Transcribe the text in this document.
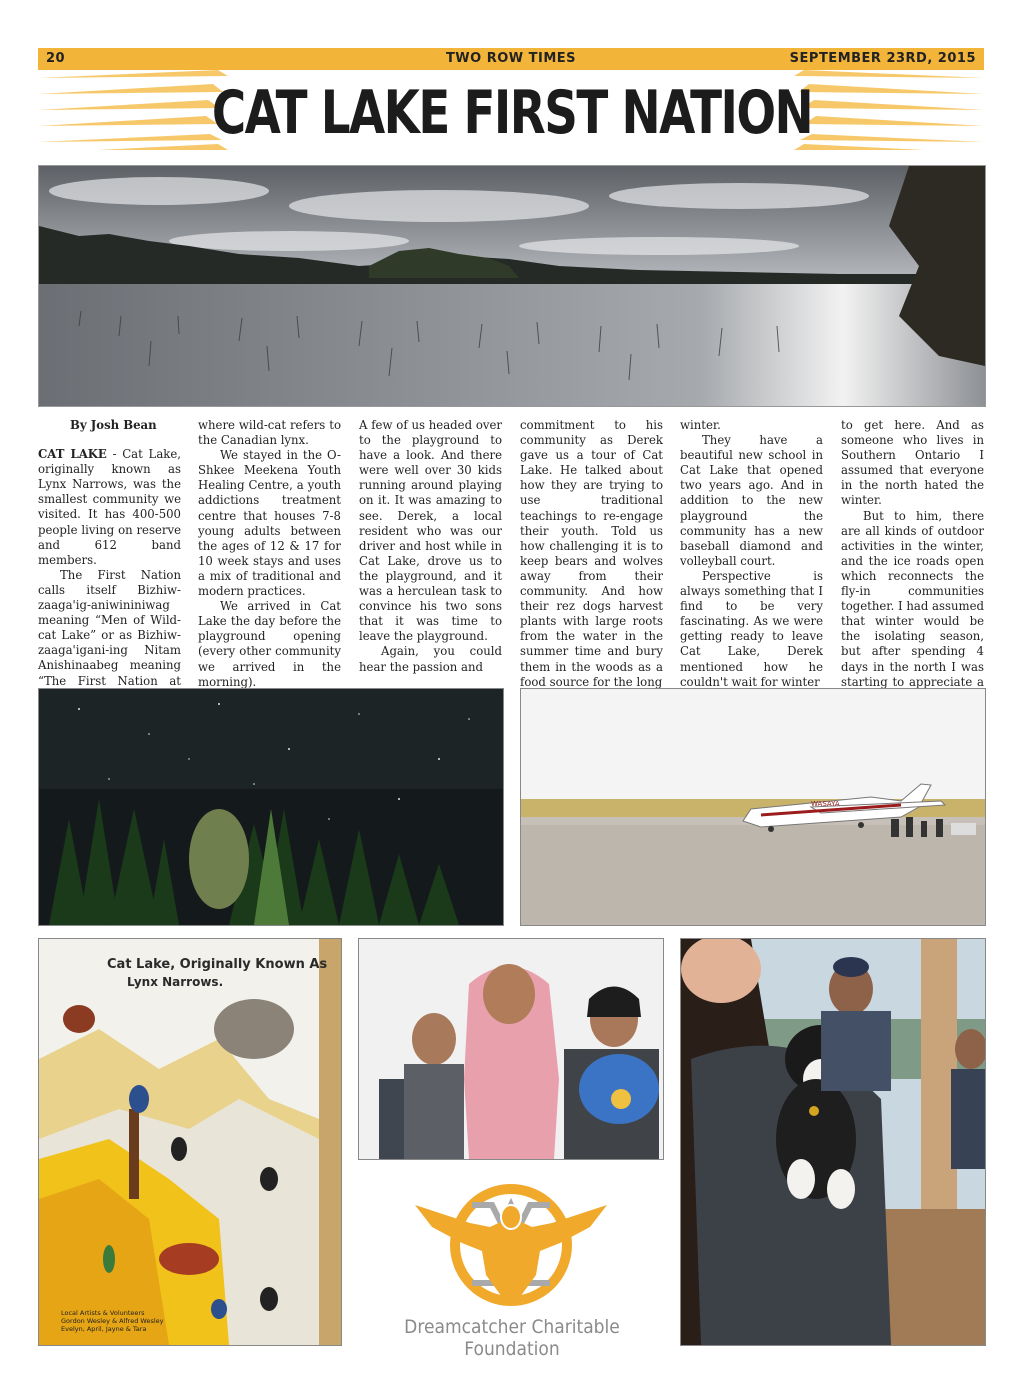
20	TWO ROW TIMES	SEPTEMBER 23RD, 2015
CAT LAKE FIRST NATION

By Josh Bean

CAT LAKE - Cat Lake, originally known as Lynx Narrows, was the smallest community we visited. It has 400-500 people living on reserve and 612 band members.

The First Nation calls itself Bizhiw-zaaga'ig-aniwininiwag meaning “Men of Wild-cat Lake” or as Bizhiw-zaaga'igani-ing Nitam Anishinaabeg meaning “The First Nation at

where wild-cat refers to the Canadian lynx.

We stayed in the O-Shkee Meekena Youth Healing Centre, a youth addictions treatment centre that houses 7-8 young adults between the ages of 12 & 17 for 10 week stays and uses a mix of traditional and modern practices.

We arrived in Cat Lake the day before the playground opening (every other community we arrived in the morning).

A few of us headed over to the playground to have a look. And there were well over 30 kids running around playing on it. It was amazing to see. Derek, a local resident who was our driver and host while in Cat Lake, drove us to the playground, and it was a herculean task to convince his two sons that it was time to leave the playground.

Again, you could hear the passion and

commitment to his community as Derek gave us a tour of Cat Lake. He talked about how they are trying to use traditional teachings to re-engage their youth. Told us how challenging it is to keep bears and wolves away from their community. And how their rez dogs harvest plants with large roots from the water in the summer time and bury them in the woods as a food source for the long

winter.

They have a beautiful new school in Cat Lake that opened two years ago. And in addition to the new playground the community has a new baseball diamond and volleyball court.

Perspective is always something that I find to be very fascinating. As we were getting ready to leave Cat Lake, Derek mentioned how he couldn't wait for winter

to get here. And as someone who lives in Southern Ontario I assumed that everyone in the north hated the winter.

But to him, there are all kinds of outdoor activities in the winter, and the ice roads open which reconnects the fly-in communities together. I had assumed that winter would be the isolating season, but after spending 4 days in the north I was starting to appreciate a

WASAYA
Cat Lake, Originally Known As
Lynx Narrows.
Local Artists & Volunteers
Gordon Wesley & Alfred Wesley
Evelyn, April, Jayne & Tara	Dreamcatcher Charitable Foundation
